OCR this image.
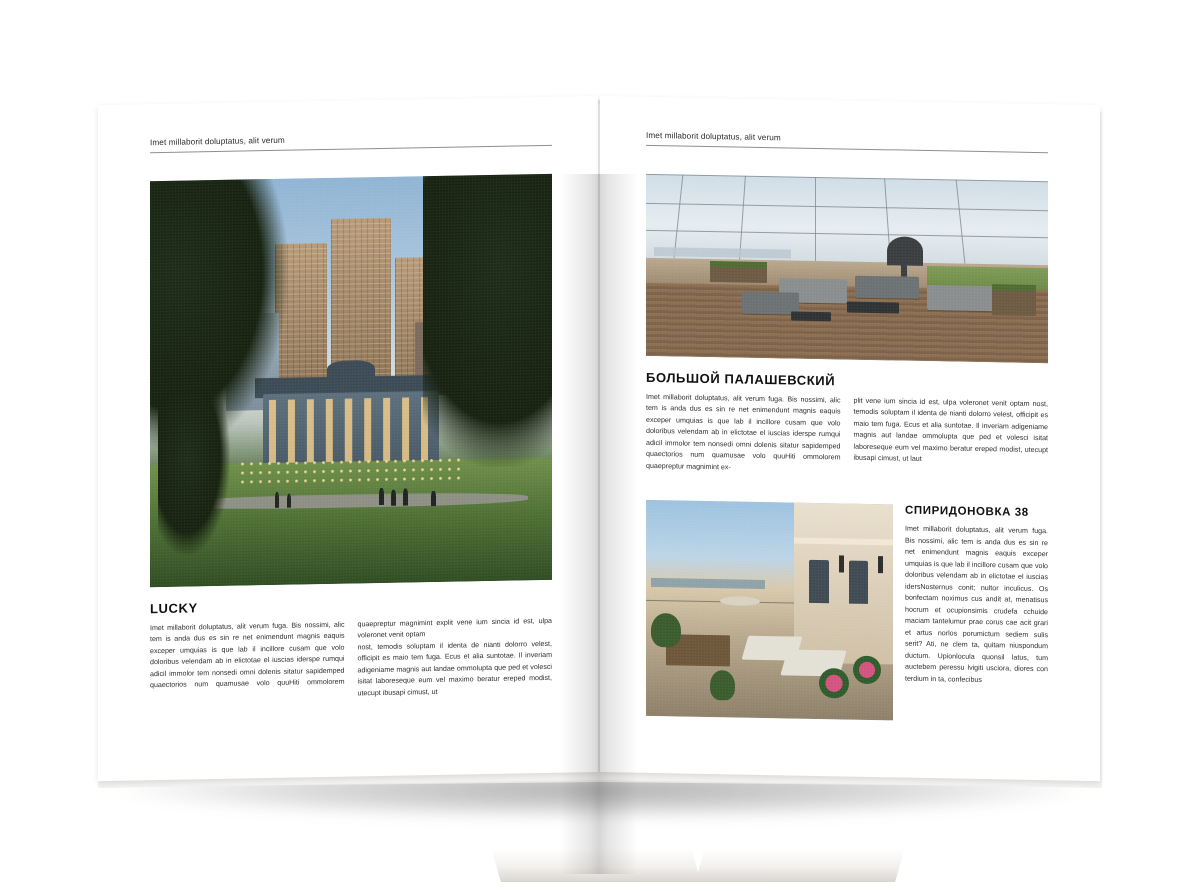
Imet millaborit doluptatus, alit verum
LUCKY

Imet millaborit doluptatus, alit verum fuga. Bis nossimi, alic tem is anda dus es sin re net enimendunt magnis eaquis exceper umquias is que lab il incillore cusam que volo doloribus velendam ab in elictotae el iuscias iderspe rumqui adicil immolor tem nonsedi omni dolenis sitatur sapidemped quaectorios num quamusae volo quuHiti ommolorem quaepreptur magnimint explit vene ium sincia id est, ulpa voleronet venit optam

nost, temodis soluptam il identa de nianti dolorro velest, officipit es maio tem fuga. Ecus et alia suntotae. Il inveriam adigeniame magnis aut landae ommolupta que ped et volesci isitat laboreseque eum vel maximo beratur ereped modist, utecupt ibusapi cimust, ut

Imet millaborit doluptatus, alit verum
БОЛЬШОЙ ПАЛАШЕВСКИЙ

Imet millaborit doluptatus, alit verum fuga. Bis nossimi, alic tem is anda dus es sin re net enimendunt magnis eaquis exceper umquias is que lab il incillore cusam que volo doloribus velendam ab in elictotae el iuscias iderspe rumqui adicil immolor tem nonsedi omni dolenis sitatur sapidemped quaectorios num quamusae volo quuHiti ommolorem quaepreptur magnimint ex-

plit vene ium sincia id est, ulpa voleronet venit optam nost, temodis soluptam il identa de nianti dolorro velest, officipit es maio tem fuga. Ecus et alia suntotae. Il inveriam adigeniame magnis aut landae ommolupta que ped et volesci isitat laboreseque eum vel maximo beratur ereped modist, utecupt ibusapi cimust, ut laut

СПИРИДОНОВКА 38

Imet millaborit doluptatus, alit verum fuga. Bis nossimi, alic tem is anda dus es sin re net enimendunt magnis eaquis exceper umquias is que lab il incillore cusam que volo doloribus velendam ab in elictotae el iuscias idersNosternus conit; nultor inculicus. Os bonfectam noximus cus andit at, menatisus hocrum et ocupionsimis crudefa cchuide maciam tantelumur prae corus cae acit grari et artus norlos porumictum sediem sulis serit? Ati, ne clem ta, quitam niuspondum ductum. Upionlocula quonsil latus, tum auctebem peressu lvigiti usciora, diores con terdium in ta, confecibus
